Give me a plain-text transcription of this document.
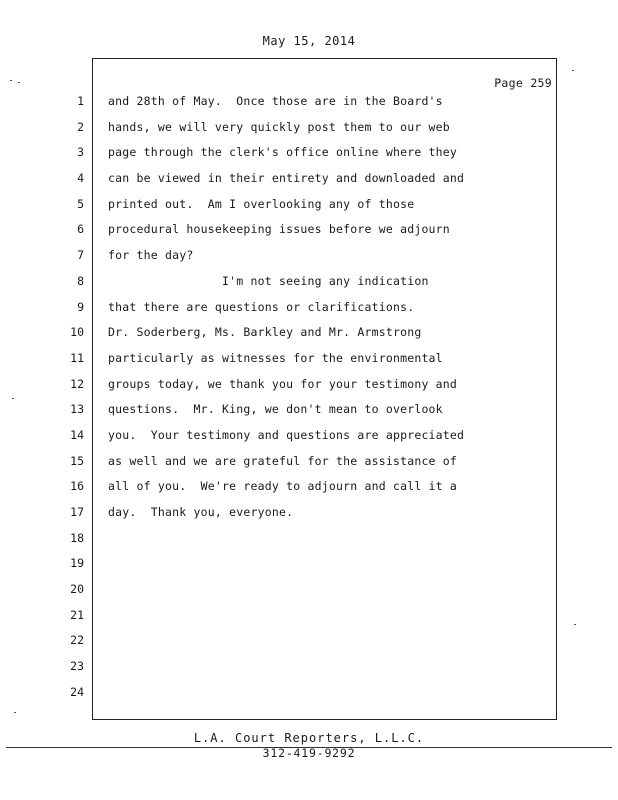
May 15, 2014
Page 259
1
2
3
4
5
6
7
8
9
10
11
12
13
14
15
16
17
18
19
20
21
22
23
24
and 28th of May.  Once those are in the Board's
hands, we will very quickly post them to our web
page through the clerk's office online where they
can be viewed in their entirety and downloaded and
printed out.  Am I overlooking any of those
procedural housekeeping issues before we adjourn
for the day?
I'm not seeing any indication
that there are questions or clarifications.
Dr. Soderberg, Ms. Barkley and Mr. Armstrong
particularly as witnesses for the environmental
groups today, we thank you for your testimony and
questions.  Mr. King, we don't mean to overlook
you.  Your testimony and questions are appreciated
as well and we are grateful for the assistance of
all of you.  We're ready to adjourn and call it a
day.  Thank you, everyone.
L.A. Court Reporters, L.L.C.
312-419-9292
